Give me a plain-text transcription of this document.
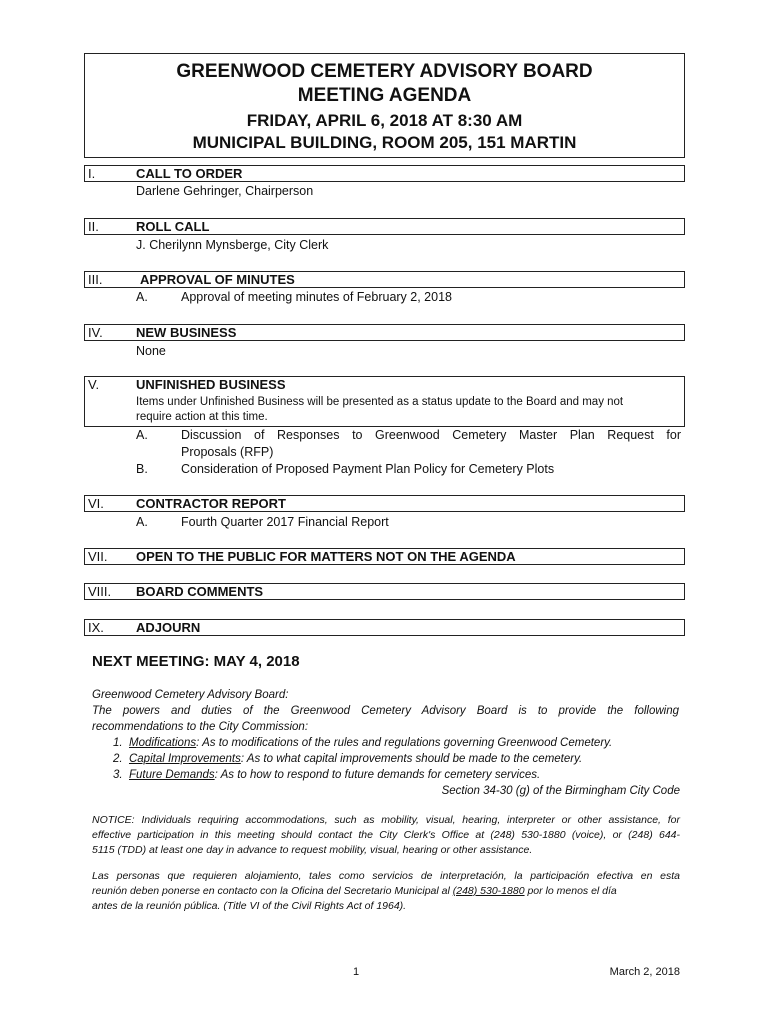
GREENWOOD CEMETERY ADVISORY BOARD
MEETING AGENDA
FRIDAY, APRIL 6, 2018 AT 8:30 AM
MUNICIPAL BUILDING, ROOM 205, 151 MARTIN
I.	CALL TO ORDER
Darlene Gehringer, Chairperson
II.	ROLL CALL
J. Cherilynn Mynsberge, City Clerk
III.	APPROVAL OF MINUTES
A.	Approval of meeting minutes of February 2, 2018
IV.	NEW BUSINESS
None
V.	UNFINISHED BUSINESS
Items under Unfinished Business will be presented as a status update to the Board and may not
require action at this time.
A.	Discussion of Responses to Greenwood Cemetery Master Plan Request for
Proposals (RFP)
B.	Consideration of Proposed Payment Plan Policy for Cemetery Plots
VI. CONTRACTOR REPORT
A.	Fourth Quarter 2017 Financial Report
VII. OPEN TO THE PUBLIC FOR MATTERS NOT ON THE AGENDA
VIII. BOARD COMMENTS
IX. ADJOURN
NEXT MEETING: MAY 4, 2018
Greenwood Cemetery Advisory Board:
The powers and duties of the Greenwood Cemetery Advisory Board is to provide the following
recommendations to the City Commission:
1. Modifications: As to modifications of the rules and regulations governing Greenwood Cemetery.
2. Capital Improvements: As to what capital improvements should be made to the cemetery.
3. Future Demands: As to how to respond to future demands for cemetery services.
Section 34-30 (g) of the Birmingham City Code
NOTICE: Individuals requiring accommodations, such as mobility, visual, hearing, interpreter or other assistance, for
effective participation in this meeting should contact the City Clerk's Office at (248) 530-1880 (voice), or (248) 644-
5115 (TDD) at least one day in advance to request mobility, visual, hearing or other assistance.
Las personas que requieren alojamiento, tales como servicios de interpretación, la participación efectiva en esta
reunión deben ponerse en contacto con la Oficina del Secretario Municipal al (248) 530-1880 por lo menos el día
antes de la reunión pública. (Title VI of the Civil Rights Act of 1964).
1	March 2, 2018
